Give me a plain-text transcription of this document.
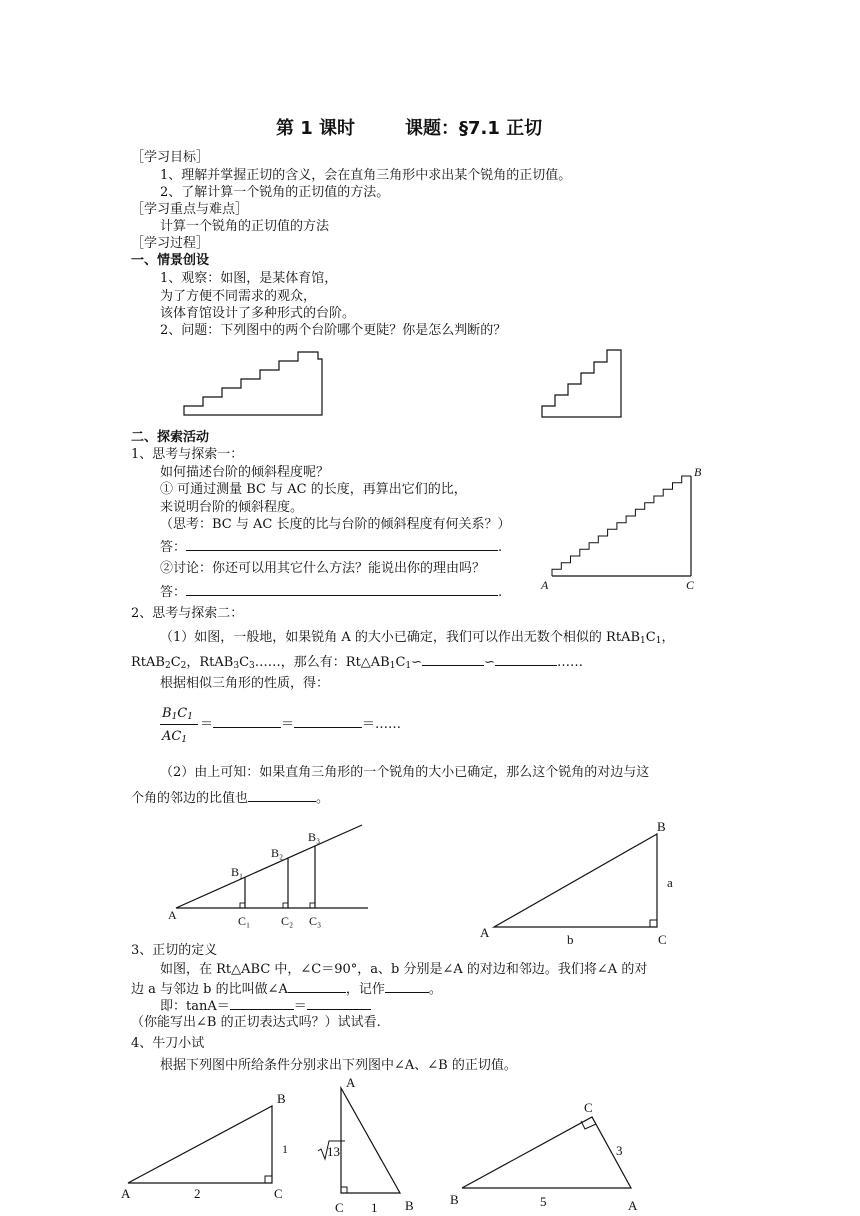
第 1 课时	课题：§7.1 正切
［学习目标］
1、理解并掌握正切的含义，会在直角三角形中求出某个锐角的正切值。
2、了解计算一个锐角的正切值的方法。
［学习重点与难点］
计算一个锐角的正切值的方法
［学习过程］
一、情景创设
1、观察：如图，是某体育馆，
为了方便不同需求的观众，
该体育馆设计了多种形式的台阶。
2、问题：下列图中的两个台阶哪个更陡？你是怎么判断的？
二、探索活动
1、思考与探索一：
如何描述台阶的倾斜程度呢？
① 可通过测量 BC 与 AC 的长度，再算出它们的比，
来说明台阶的倾斜程度。
（思考：BC 与 AC 长度的比与台阶的倾斜程度有何关系？）
答：	.
②讨论：你还可以用其它什么方法？能说出你的理由吗？
答：	.
2、思考与探索二：
（1）如图，一般地，如果锐角 A 的大小已确定，我们可以作出无数个相似的 $RtAB_1C_1$，
$RtAB_2C_2$，$RtAB_3C_3\dots\dots$，那么有：$Rt\triangle AB_1C_1∽$	∽	……
根据相似三角形的性质，得：
$B_1C_1$
$AC_1$
＝	＝	＝……
（2）由上可知：如果直角三角形的一个锐角的大小已确定，那么这个锐角的对边与这
个角的邻边的比值也	。
3、正切的定义
如图，在 Rt△ABC 中，∠C＝90°，a、b 分别是∠A 的对边和邻边。我们将∠A 的对
边 a 与邻边 b 的比叫做∠A	，记作	。
即：tanA＝	＝
（你能写出∠B 的正切表达式吗？）试试看.
4、牛刀小试
根据下列图中所给条件分别求出下列图中∠A、∠B 的正切值。
A
B
C
A
B₁
B₂
B₃
C₁	C₂ C₃
A
B
C
a
b
A
B
C
2
1
A
B
C
13
1
B	A
C
5
3
